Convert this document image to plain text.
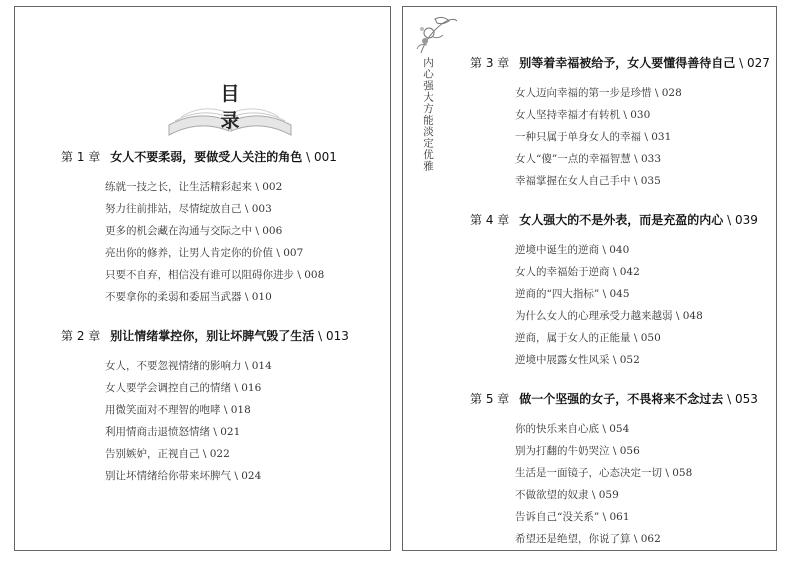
目 录
第 1 章 女人不要柔弱，要做受人关注的角色 \ 001
练就一技之长，让生活精彩起来 \ 002
努力往前排站，尽情绽放自己 \ 003
更多的机会藏在沟通与交际之中 \ 006
亮出你的修养，让男人肯定你的价值 \ 007
只要不自弃，相信没有谁可以阻碍你进步 \ 008
不要拿你的柔弱和委屈当武器 \ 010
第 2 章 别让情绪掌控你，别让坏脾气毁了生活 \ 013
女人，不要忽视情绪的影响力 \ 014
女人要学会调控自己的情绪 \ 016
用微笑面对不理智的咆哮 \ 018
利用情商击退愤怒情绪 \ 021
告别嫉妒，正视自己 \ 022
别让坏情绪给你带来坏脾气 \ 024
内心强大方能淡定优雅	第 3 章 别等着幸福被给予，女人要懂得善待自己 \ 027
女人迈向幸福的第一步是珍惜 \ 028
女人坚持幸福才有转机 \ 030
一种只属于单身女人的幸福 \ 031
女人“傻”一点的幸福智慧 \ 033
幸福掌握在女人自己手中 \ 035
第 4 章 女人强大的不是外表，而是充盈的内心 \ 039
逆境中诞生的逆商 \ 040
女人的幸福始于逆商 \ 042
逆商的“四大指标” \ 045
为什么女人的心理承受力越来越弱 \ 048
逆商，属于女人的正能量 \ 050
逆境中展露女性风采 \ 052
第 5 章 做一个坚强的女子，不畏将来不念过去 \ 053
你的快乐来自心底 \ 054
别为打翻的牛奶哭泣 \ 056
生活是一面镜子，心态决定一切 \ 058
不做欲望的奴隶 \ 059
告诉自己“没关系” \ 061
希望还是绝望，你说了算 \ 062
